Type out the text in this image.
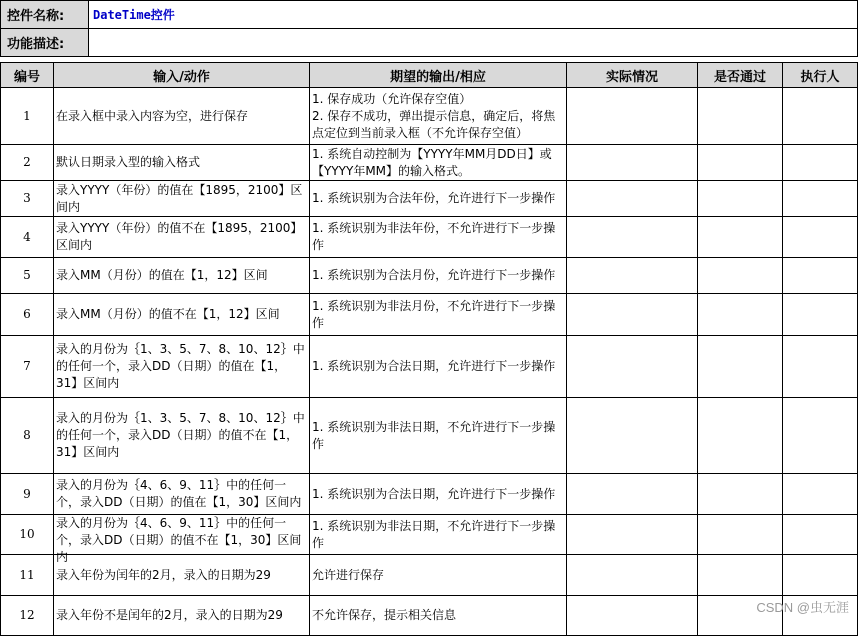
控件名称:	DateTime控件
功能描述:	
编号	输入/动作	期望的输出/相应	实际情况	是否通过	执行人
1	在录入框中录入内容为空，进行保存	1. 保存成功（允许保存空值）
2. 保存不成功，弹出提示信息，确定后，将焦点定位到当前录入框（不允许保存空值）			

2	默认日期录入型的输入格式	1. 系统自动控制为【YYYY年MM月DD日】或【YYYY年MM】的输入格式。			
3	录入YYYY（年份）的值在【1895，2100】区间内	1. 系统识别为合法年份，允许进行下一步操作			
4	录入YYYY（年份）的值不在【1895，2100】区间内	1. 系统识别为非法年份，不允许进行下一步操作			
5	录入MM（月份）的值在【1，12】区间	1. 系统识别为合法月份，允许进行下一步操作			
6	录入MM（月份）的值不在【1，12】区间	1. 系统识别为非法月份，不允许进行下一步操作			
7	录入的月份为｛1、3、5、7、8、10、12｝中的任何一个，录入DD（日期）的值在【1，31】区间内	1. 系统识别为合法日期，允许进行下一步操作			
8	录入的月份为｛1、3、5、7、8、10、12｝中的任何一个，录入DD（日期）的值不在【1，31】区间内	1. 系统识别为非法日期，不允许进行下一步操作			
9	录入的月份为｛4、6、9、11｝中的任何一个，录入DD（日期）的值在【1，30】区间内	1. 系统识别为合法日期，允许进行下一步操作			
10	录入的月份为｛4、6、9、11｝中的任何一个，录入DD（日期）的值不在【1，30】区间内	1. 系统识别为非法日期，不允许进行下一步操作			
11	录入年份为闰年的2月，录入的日期为29	允许进行保存			
12	录入年份不是闰年的2月，录入的日期为29	不允许保存，提示相关信息				CSDN @虫无涯
